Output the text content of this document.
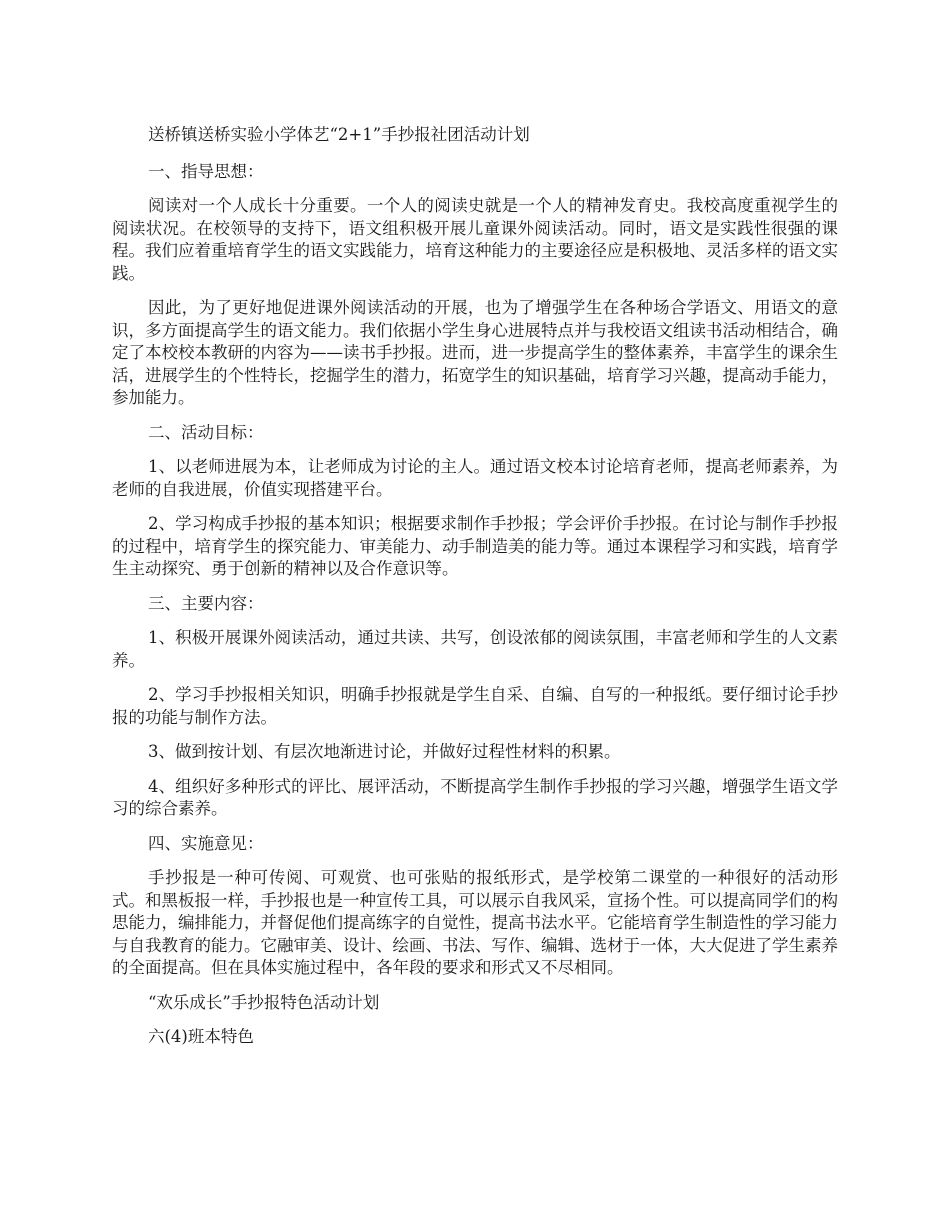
送桥镇送桥实验小学体艺“2+1”手抄报社团活动计划

一、指导思想：

阅读对一个人成长十分重要。一个人的阅读史就是一个人的精神发育史。我校高度重视学生的阅读状况。在校领导的支持下，语文组积极开展儿童课外阅读活动。同时，语文是实践性很强的课程。我们应着重培育学生的语文实践能力，培育这种能力的主要途径应是积极地、灵活多样的语文实践。

因此，为了更好地促进课外阅读活动的开展，也为了增强学生在各种场合学语文、用语文的意识，多方面提高学生的语文能力。我们依据小学生身心进展特点并与我校语文组读书活动相结合，确定了本校校本教研的内容为——读书手抄报。进而，进一步提高学生的整体素养，丰富学生的课余生活，进展学生的个性特长，挖掘学生的潜力，拓宽学生的知识基础，培育学习兴趣，提高动手能力，参加能力。

二、活动目标：

1、以老师进展为本，让老师成为讨论的主人。通过语文校本讨论培育老师，提高老师素养，为老师的自我进展，价值实现搭建平台。

2、学习构成手抄报的基本知识；根据要求制作手抄报；学会评价手抄报。在讨论与制作手抄报的过程中，培育学生的探究能力、审美能力、动手制造美的能力等。通过本课程学习和实践，培育学生主动探究、勇于创新的精神以及合作意识等。

三、主要内容：

1、积极开展课外阅读活动，通过共读、共写，创设浓郁的阅读氛围，丰富老师和学生的人文素养。

2、学习手抄报相关知识，明确手抄报就是学生自采、自编、自写的一种报纸。要仔细讨论手抄报的功能与制作方法。

3、做到按计划、有层次地渐进讨论，并做好过程性材料的积累。

4、组织好多种形式的评比、展评活动，不断提高学生制作手抄报的学习兴趣，增强学生语文学习的综合素养。

四、实施意见：

手抄报是一种可传阅、可观赏、也可张贴的报纸形式，是学校第二课堂的一种很好的活动形式。和黑板报一样，手抄报也是一种宣传工具，可以展示自我风采，宣扬个性。可以提高同学们的构思能力，编排能力，并督促他们提高练字的自觉性，提高书法水平。它能培育学生制造性的学习能力与自我教育的能力。它融审美、设计、绘画、书法、写作、编辑、选材于一体，大大促进了学生素养的全面提高。但在具体实施过程中，各年段的要求和形式又不尽相同。

“欢乐成长”手抄报特色活动计划

六(4)班本特色
